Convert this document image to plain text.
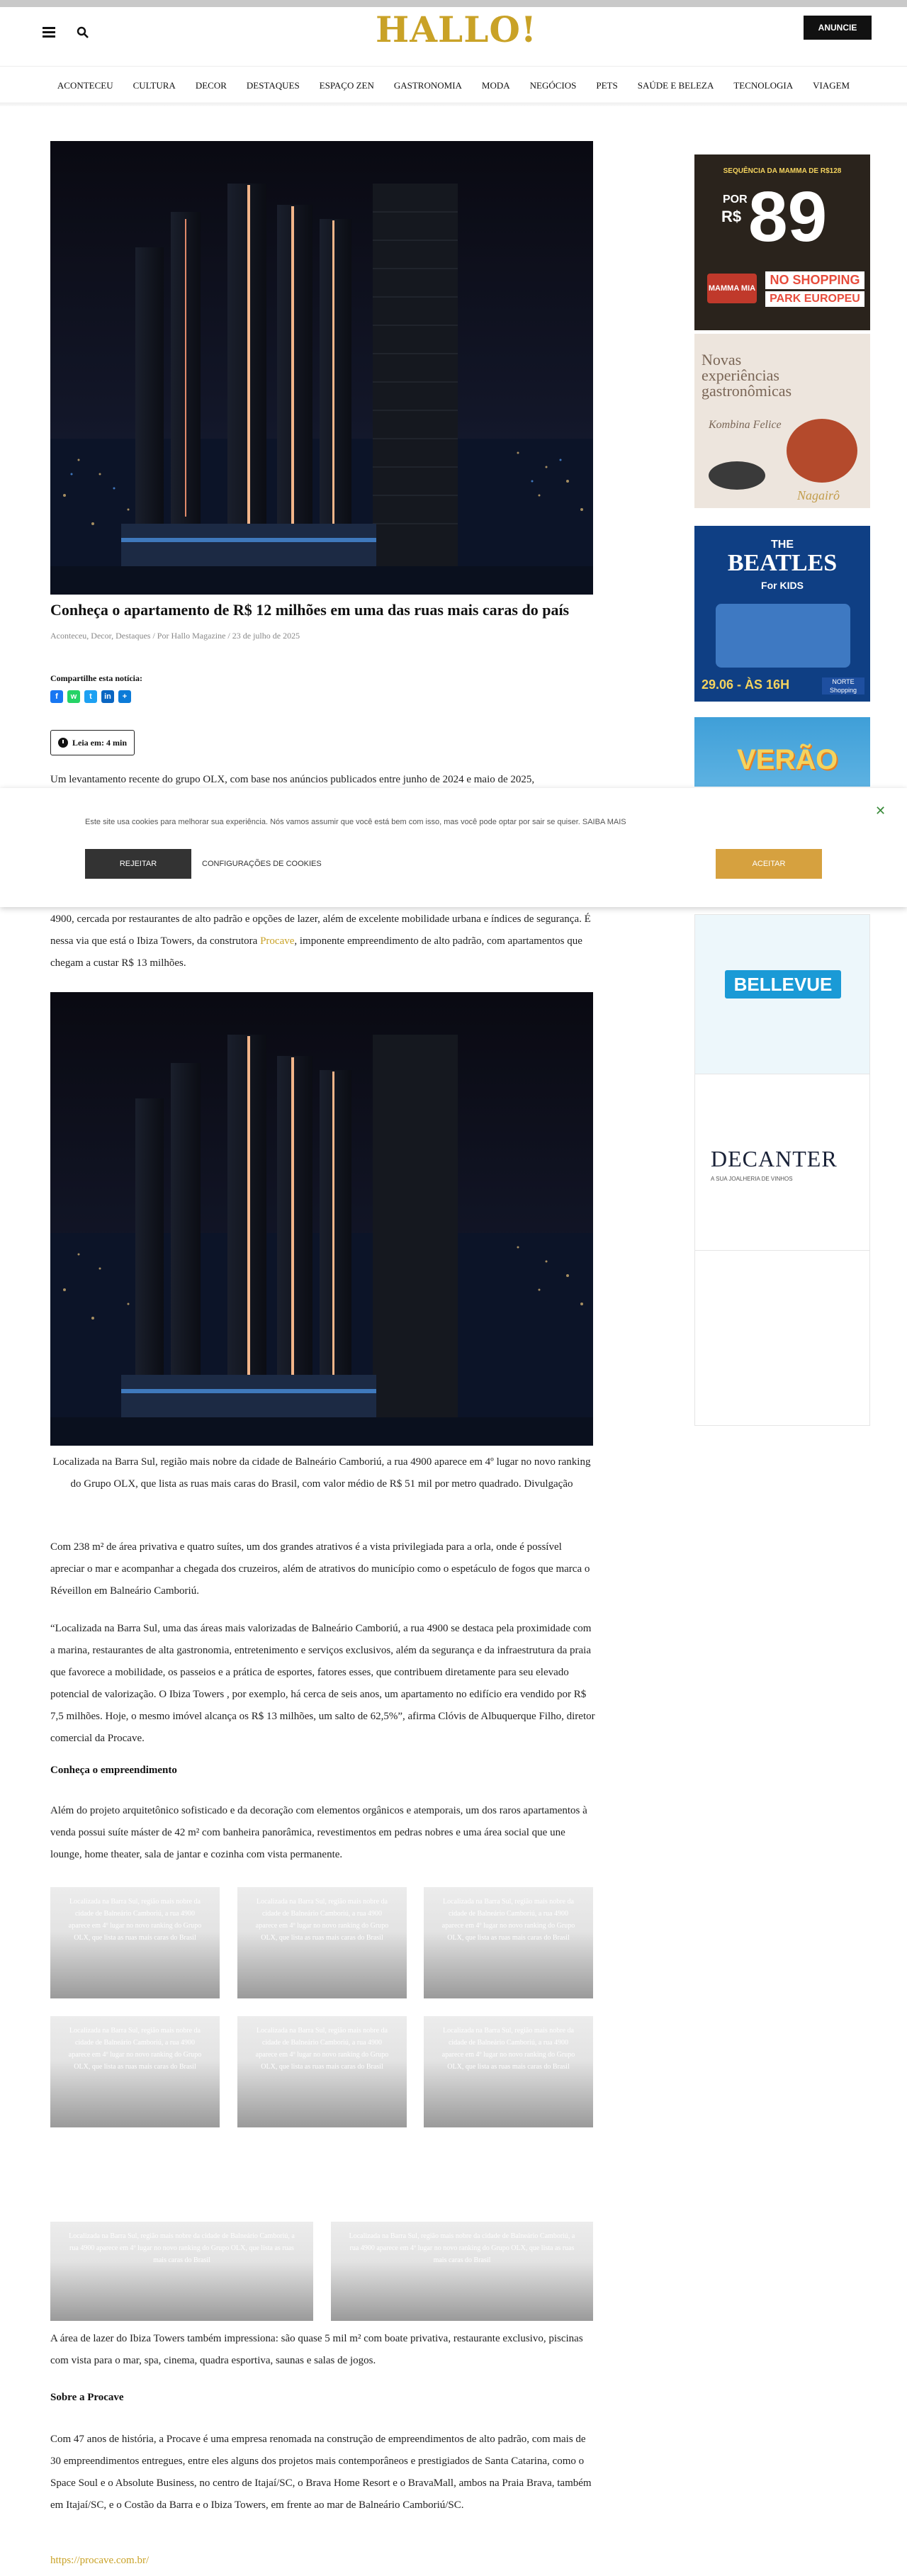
HALLO!	ANUNCIE
ACONTECEU CULTURA DECOR DESTAQUES ESPAÇO ZEN GASTRONOMIA MODA NEGÓCIOS PETS SAÚDE E BELEZA TECNOLOGIA VIAGEM
Conheça o apartamento de R$ 12 milhões em uma das ruas mais caras do país
Aconteceu, Decor, Destaques / Por Hallo Magazine / 23 de julho de 2025
Compartilhe esta notícia:
f	w	t	in	+
Leia em: 4 min

Um levantamento recente do grupo OLX, com base nos anúncios publicados entre junho de 2024 e maio de 2025,

4900, cercada por restaurantes de alto padrão e opções de lazer, além de excelente mobilidade urbana e índices de segurança. É nessa via que está o Ibiza Towers, da construtora Procave, imponente empreendimento de alto padrão, com apartamentos que chegam a custar R$ 13 milhões.

Localizada na Barra Sul, região mais nobre da cidade de Balneário Camboriú, a rua 4900 aparece em 4º lugar no novo ranking do Grupo OLX, que lista as ruas mais caras do Brasil, com valor médio de R$ 51 mil por metro quadrado. Divulgação

Com 238 m² de área privativa e quatro suítes, um dos grandes atrativos é a vista privilegiada para a orla, onde é possível apreciar o mar e acompanhar a chegada dos cruzeiros, além de atrativos do município como o espetáculo de fogos que marca o Réveillon em Balneário Camboriú.

“Localizada na Barra Sul, uma das áreas mais valorizadas de Balneário Camboriú, a rua 4900 se destaca pela proximidade com a marina, restaurantes de alta gastronomia, entretenimento e serviços exclusivos, além da segurança e da infraestrutura da praia que favorece a mobilidade, os passeios e a prática de esportes, fatores esses, que contribuem diretamente para seu elevado potencial de valorização. O Ibiza Towers , por exemplo, há cerca de seis anos, um apartamento no edifício era vendido por R$ 7,5 milhões. Hoje, o mesmo imóvel alcança os R$ 13 milhões, um salto de 62,5%”, afirma Clóvis de Albuquerque Filho, diretor comercial da Procave.

Conheça o empreendimento

Além do projeto arquitetônico sofisticado e da decoração com elementos orgânicos e atemporais, um dos raros apartamentos à venda possui suíte máster de 42 m² com banheira panorâmica, revestimentos em pedras nobres e uma área social que une lounge, home theater, sala de jantar e cozinha com vista permanente.

Localizada na Barra Sul, região mais nobre da cidade de Balneário Camboriú, a rua 4900 aparece em 4º lugar no novo ranking do Grupo OLX, que lista as ruas mais caras do Brasil

Localizada na Barra Sul, região mais nobre da cidade de Balneário Camboriú, a rua 4900 aparece em 4º lugar no novo ranking do Grupo OLX, que lista as ruas mais caras do Brasil

Localizada na Barra Sul, região mais nobre da cidade de Balneário Camboriú, a rua 4900 aparece em 4º lugar no novo ranking do Grupo OLX, que lista as ruas mais caras do Brasil

Localizada na Barra Sul, região mais nobre da cidade de Balneário Camboriú, a rua 4900 aparece em 4º lugar no novo ranking do Grupo OLX, que lista as ruas mais caras do Brasil

Localizada na Barra Sul, região mais nobre da cidade de Balneário Camboriú, a rua 4900 aparece em 4º lugar no novo ranking do Grupo OLX, que lista as ruas mais caras do Brasil

Localizada na Barra Sul, região mais nobre da cidade de Balneário Camboriú, a rua 4900 aparece em 4º lugar no novo ranking do Grupo OLX, que lista as ruas mais caras do Brasil

Localizada na Barra Sul, região mais nobre da cidade de Balneário Camboriú, a rua 4900 aparece em 4º lugar no novo ranking do Grupo OLX, que lista as ruas mais caras do Brasil

Localizada na Barra Sul, região mais nobre da cidade de Balneário Camboriú, a rua 4900 aparece em 4º lugar no novo ranking do Grupo OLX, que lista as ruas mais caras do Brasil

A área de lazer do Ibiza Towers também impressiona: são quase 5 mil m² com boate privativa, restaurante exclusivo, piscinas com vista para o mar, spa, cinema, quadra esportiva, saunas e salas de jogos.

Sobre a Procave

Com 47 anos de história, a Procave é uma empresa renomada na construção de empreendimentos de alto padrão, com mais de 30 empreendimentos entregues, entre eles alguns dos projetos mais contemporâneos e prestigiados de Santa Catarina, como o Space Soul e o Absolute Business, no centro de Itajaí/SC, o Brava Home Resort e o BravaMall, ambos na Praia Brava, também em Itajaí/SC, e o Costão da Barra e o Ibiza Towers, em frente ao mar de Balneário Camboriú/SC.

https://procave.com.br/

SEQUÊNCIA DA MAMMA DE R$128
POR
R$ 89
MAMMA MIA
NO SHOPPING
PARK EUROPEU
Novas
experiências
gastronômicas
Kombina Felice
Nagairô
THE
BEATLES
For KIDS
29.06 - ÀS 16H	NORTE Shopping
VERÃO
BELLEVUE
DECANTER
A SUA JOALHERIA DE VINHOS
Este site usa cookies para melhorar sua experiência. Nós vamos assumir que você está bem com isso, mas você pode optar por sair se quiser. SAIBA MAIS
✕
REJEITAR	CONFIGURAÇÕES DE COOKIES	ACEITAR
